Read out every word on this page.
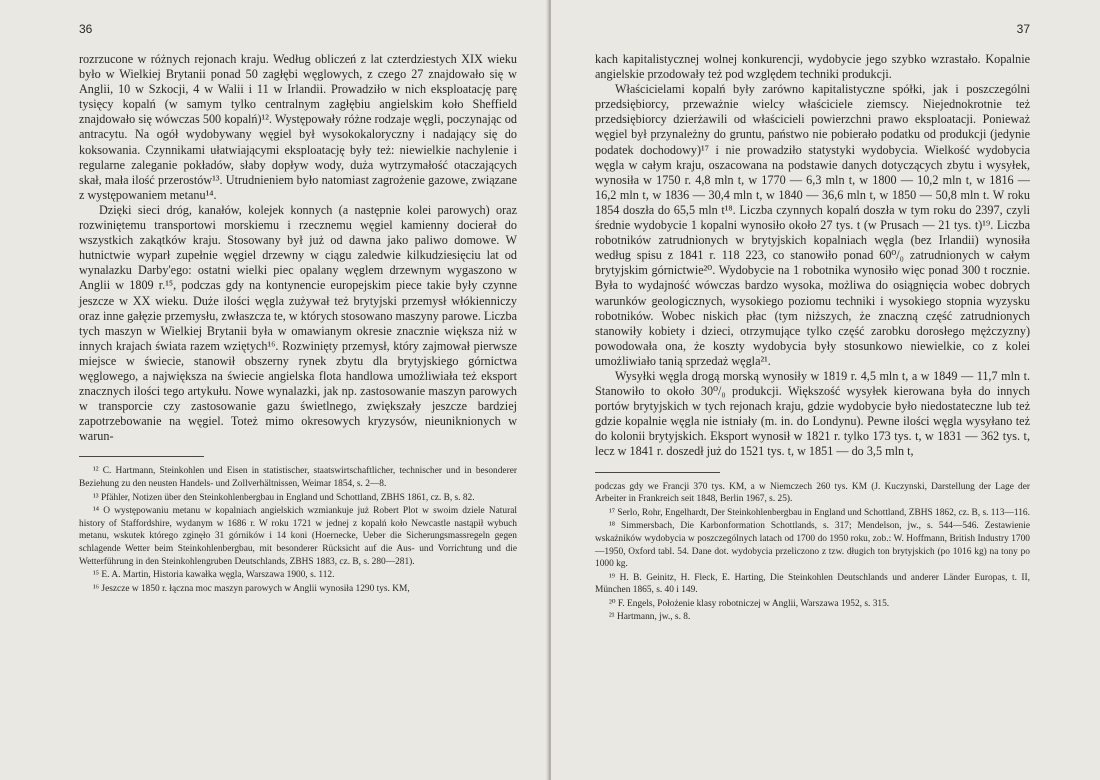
36

rozrzucone w różnych rejonach kraju. Według obliczeń z lat czterdziestych XIX wieku było w Wielkiej Brytanii ponad 50 zagłębi węglowych, z czego 27 znajdowało się w Anglii, 10 w Szkocji, 4 w Walii i 11 w Irlandii. Prowadziło w nich eksploatację parę tysięcy kopalń (w samym tylko centralnym zagłębiu angielskim koło Sheffield znajdowało się wówczas 500 kopalń)¹². Występowały różne rodzaje węgli, poczynając od antracytu. Na ogół wydobywany węgiel był wysokokaloryczny i nadający się do koksowania. Czynnikami ułatwiającymi eksploatację były też: niewielkie nachylenie i regularne zaleganie pokładów, słaby dopływ wody, duża wytrzymałość otaczających skał, mała ilość przerostów¹³. Utrudnieniem było natomiast zagrożenie gazowe, związane z występowaniem metanu¹⁴.

Dzięki sieci dróg, kanałów, kolejek konnych (a następnie kolei parowych) oraz rozwiniętemu transportowi morskiemu i rzecznemu węgiel kamienny docierał do wszystkich zakątków kraju. Stosowany był już od dawna jako paliwo domowe. W hutnictwie wyparł zupełnie węgiel drzewny w ciągu zaledwie kilkudziesięciu lat od wynalazku Darby'ego: ostatni wielki piec opalany węglem drzewnym wygaszono w Anglii w 1809 r.¹⁵, podczas gdy na kontynencie europejskim piece takie były czynne jeszcze w XX wieku. Duże ilości węgla zużywał też brytyjski przemysł włókienniczy oraz inne gałęzie przemysłu, zwłaszcza te, w których stosowano maszyny parowe. Liczba tych maszyn w Wielkiej Brytanii była w omawianym okresie znacznie większa niż w innych krajach świata razem wziętych¹⁶. Rozwinięty przemysł, który zajmował pierwsze miejsce w świecie, stanowił obszerny rynek zbytu dla brytyjskiego górnictwa węglowego, a największa na świecie angielska flota handlowa umożliwiała też eksport znacznych ilości tego artykułu. Nowe wynalazki, jak np. zastosowanie maszyn parowych w transporcie czy zastosowanie gazu świetlnego, zwiększały jeszcze bardziej zapotrzebowanie na węgiel. Toteż mimo okresowych kryzysów, nieuniknionych w warun-

¹² C. Hartmann, Steinkohlen und Eisen in statistischer, staatswirtschaftlicher, technischer und in besonderer Beziehung zu den neusten Handels- und Zollverhältnissen, Weimar 1854, s. 2—8.

¹³ Pfähler, Notizen über den Steinkohlenbergbau in England und Schottland, ZBHS 1861, cz. B, s. 82.

¹⁴ O występowaniu metanu w kopalniach angielskich wzmiankuje już Robert Plot w swoim dziele Natural history of Staffordshire, wydanym w 1686 r. W roku 1721 w jednej z kopalń koło Newcastle nastąpił wybuch metanu, wskutek którego zginęło 31 górników i 14 koni (Hoernecke, Ueber die Sicherungsmassregeln gegen schlagende Wetter beim Steinkohlenbergbau, mit besonderer Rücksicht auf die Aus- und Vorrichtung und die Wetterführung in den Steinkohlengruben Deutschlands, ZBHS 1883, cz. B, s. 280—281).

¹⁵ E. A. Martin, Historia kawałka węgla, Warszawa 1900, s. 112.

¹⁶ Jeszcze w 1850 r. łączna moc maszyn parowych w Anglii wynosiła 1290 tys. KM,

37

kach kapitalistycznej wolnej konkurencji, wydobycie jego szybko wzrastało. Kopalnie angielskie przodowały też pod względem techniki produkcji.

Właścicielami kopalń były zarówno kapitalistyczne spółki, jak i poszczególni przedsiębiorcy, przeważnie wielcy właściciele ziemscy. Niejednokrotnie też przedsiębiorcy dzierżawili od właścicieli powierzchni prawo eksploatacji. Ponieważ węgiel był przynależny do gruntu, państwo nie pobierało podatku od produkcji (jedynie podatek dochodowy)¹⁷ i nie prowadziło statystyki wydobycia. Wielkość wydobycia węgla w całym kraju, oszacowana na podstawie danych dotyczących zbytu i wysyłek, wynosiła w 1750 r. 4,8 mln t, w 1770 — 6,3 mln t, w 1800 — 10,2 mln t, w 1816 — 16,2 mln t, w 1836 — 30,4 mln t, w 1840 — 36,6 mln t, w 1850 — 50,8 mln t. W roku 1854 doszła do 65,5 mln t¹⁸. Liczba czynnych kopalń doszła w tym roku do 2397, czyli średnie wydobycie 1 kopalni wynosiło około 27 tys. t (w Prusach — 21 tys. t)¹⁹. Liczba robotników zatrudnionych w brytyjskich kopalniach węgla (bez Irlandii) wynosiła według spisu z 1841 r. 118 223, co stanowiło ponad 60⁰/₀ zatrudnionych w całym brytyjskim górnictwie²⁰. Wydobycie na 1 robotnika wynosiło więc ponad 300 t rocznie. Była to wydajność wówczas bardzo wysoka, możliwa do osiągnięcia wobec dobrych warunków geologicznych, wysokiego poziomu techniki i wysokiego stopnia wyzysku robotników. Wobec niskich płac (tym niższych, że znaczną część zatrudnionych stanowiły kobiety i dzieci, otrzymujące tylko część zarobku dorosłego mężczyzny) powodowała ona, że koszty wydobycia były stosunkowo niewielkie, co z kolei umożliwiało tanią sprzedaż węgla²¹.

Wysyłki węgla drogą morską wynosiły w 1819 r. 4,5 mln t, a w 1849 — 11,7 mln t. Stanowiło to około 30⁰/₀ produkcji. Większość wysyłek kierowana była do innych portów brytyjskich w tych rejonach kraju, gdzie wydobycie było niedostateczne lub też gdzie kopalnie węgla nie istniały (m. in. do Londynu). Pewne ilości węgla wysyłano też do kolonii brytyjskich. Eksport wynosił w 1821 r. tylko 173 tys. t, w 1831 — 362 tys. t, lecz w 1841 r. doszedł już do 1521 tys. t, w 1851 — do 3,5 mln t,

podczas gdy we Francji 370 tys. KM, a w Niemczech 260 tys. KM (J. Kuczynski, Darstellung der Lage der Arbeiter in Frankreich seit 1848, Berlin 1967, s. 25).

¹⁷ Serlo, Rohr, Engelhardt, Der Steinkohlenbergbau in England und Schottland, ZBHS 1862, cz. B, s. 113—116.

¹⁸ Simmersbach, Die Karbonformation Schottlands, s. 317; Mendelson, jw., s. 544—546. Zestawienie wskaźników wydobycia w poszczególnych latach od 1700 do 1950 roku, zob.: W. Hoffmann, British Industry 1700—1950, Oxford tabl. 54. Dane dot. wydobycia przeliczono z tzw. długich ton brytyjskich (po 1016 kg) na tony po 1000 kg.

¹⁹ H. B. Geinitz, H. Fleck, E. Harting, Die Steinkohlen Deutschlands und anderer Länder Europas, t. II, München 1865, s. 40 i 149.

²⁰ F. Engels, Położenie klasy robotniczej w Anglii, Warszawa 1952, s. 315.

²¹ Hartmann, jw., s. 8.
